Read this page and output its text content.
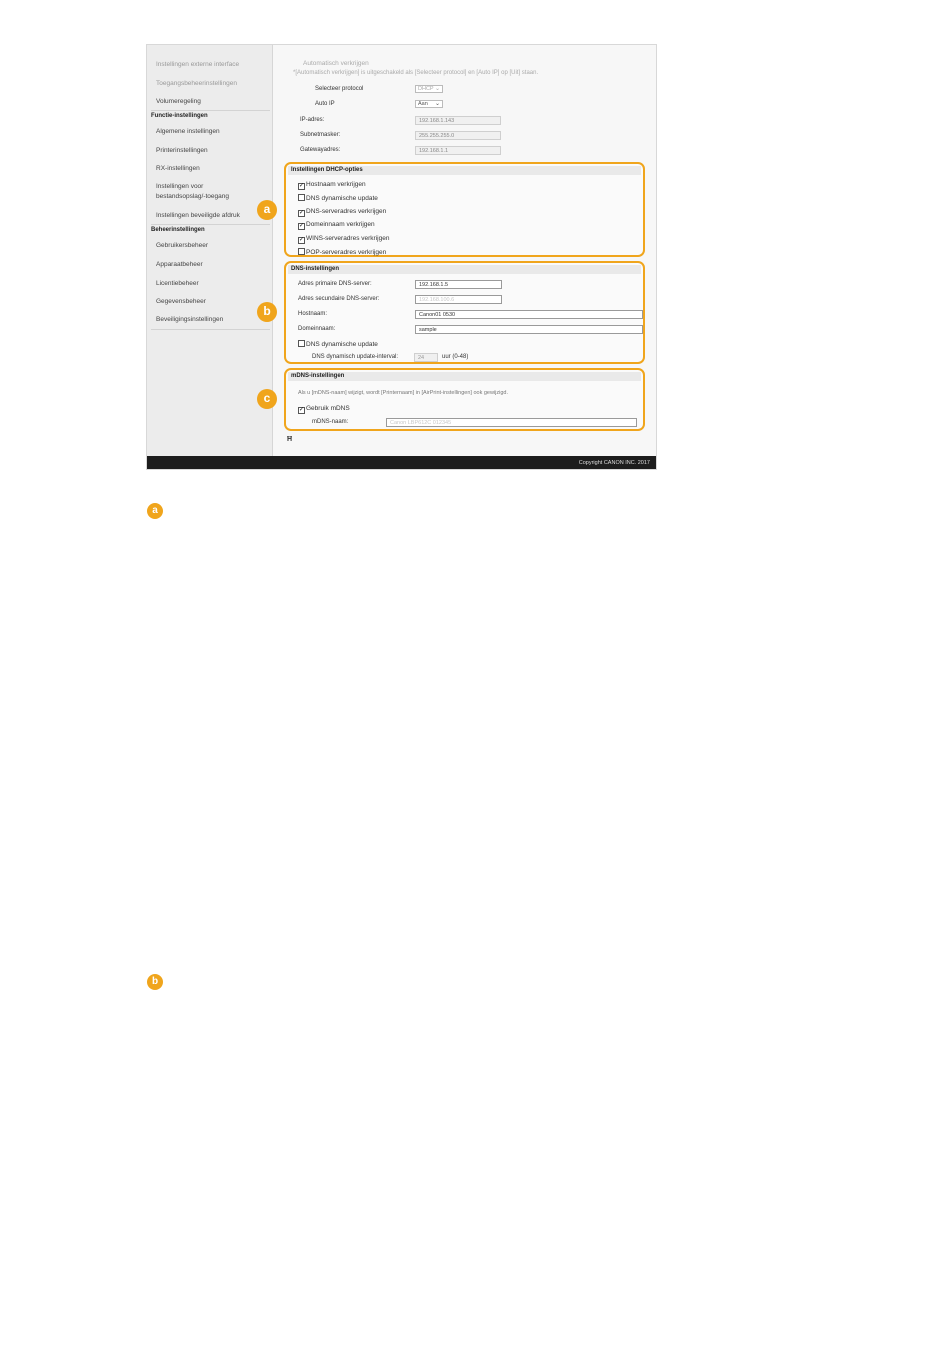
Instellingen externe interface
Toegangsbeheerinstellingen
Volumeregeling
Functie-instellingen
Algemene instellingen
Printerinstellingen
RX-instellingen
Instellingen voor bestandsopslag/-toegang
Instellingen beveiligde afdruk
Beheerinstellingen
Gebruikersbeheer
Apparaatbeheer
Licentiebeheer
Gegevensbeheer
Beveiligingsinstellingen
Automatisch verkrijgen
*[Automatisch verkrijgen] is uitgeschakeld als [Selecteer protocol] en [Auto IP] op [Uit] staan.
Selecteer protocol	DHCP ⌄
Auto IP	Aan ⌄
IP-adres:	192.168.1.143
Subnetmasker:	255.255.255.0
Gatewayadres:	192.168.1.1
Ħ
Instellingen DHCP-opties
✓ Hostnaam verkrijgen
DNS dynamische update
✓ DNS-serveradres verkrijgen
✓ Domeinnaam verkrijgen
✓ WINS-serveradres verkrijgen
POP-serveradres verkrijgen
DNS-instellingen
Adres primaire DNS-server:	192.168.1.5
Adres secundaire DNS-server:	192.168.100.6
Hostnaam:	Canon01 0530
Domeinnaam:	sample
DNS dynamische update
DNS dynamisch update-interval:	24	uur (0-48)
mDNS-instellingen
Als u [mDNS-naam] wijzigt, wordt [Printernaam] in [AirPrint-instellingen] ook gewijzigd.
✓ Gebruik mDNS
mDNS-naam:	Canon LBP612C 012345
Copyright CANON INC. 2017
a
b
c
a
b
